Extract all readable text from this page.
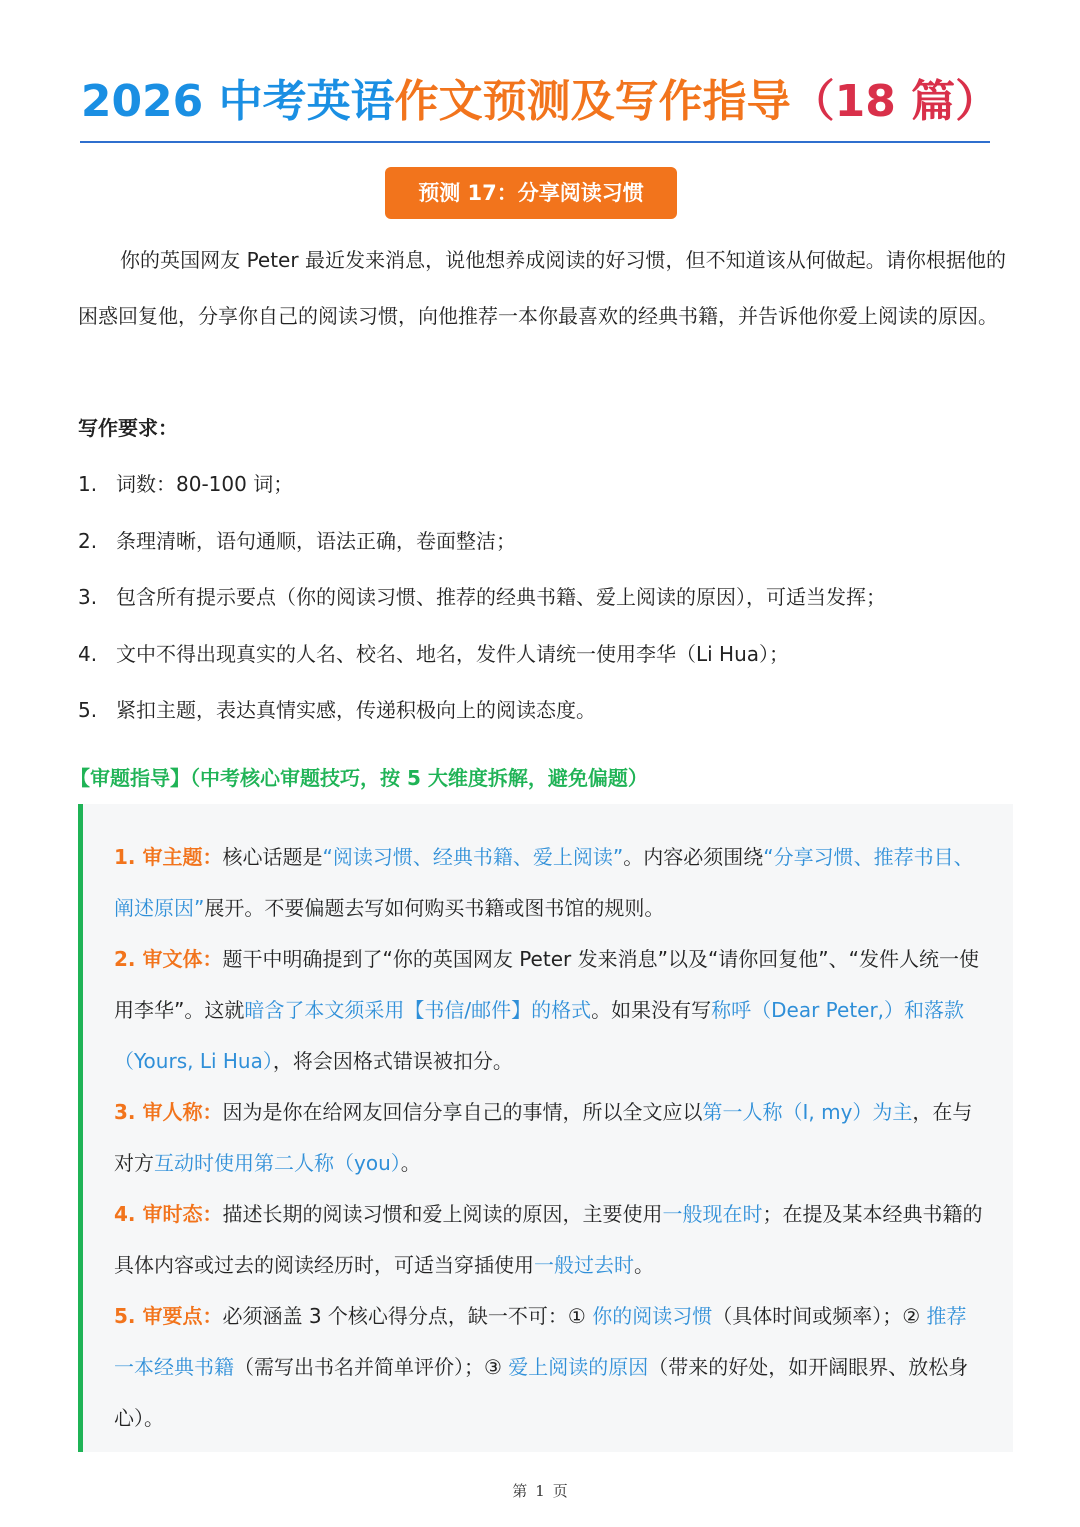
2026 中考英语作文预测及写作指导（18 篇）
预测 17：分享阅读习惯

你的英国网友 Peter 最近发来消息，说他想养成阅读的好习惯，但不知道该从何做起。请你根据他的困惑回复他，分享你自己的阅读习惯，向他推荐一本你最喜欢的经典书籍，并告诉他你爱上阅读的原因。

写作要求：
1. 词数：80-100 词；
2. 条理清晰，语句通顺，语法正确，卷面整洁；
3. 包含所有提示要点（你的阅读习惯、推荐的经典书籍、爱上阅读的原因），可适当发挥；
4. 文中不得出现真实的人名、校名、地名，发件人请统一使用李华（Li Hua）；
5. 紧扣主题，表达真情实感，传递积极向上的阅读态度。
【审题指导】（中考核心审题技巧，按 5 大维度拆解，避免偏题）

1. 审主题：核心话题是“阅读习惯、经典书籍、爱上阅读”。内容必须围绕“分享习惯、推荐书目、阐述原因”展开。不要偏题去写如何购买书籍或图书馆的规则。

2. 审文体：题干中明确提到了“你的英国网友 Peter 发来消息”以及“请你回复他”、“发件人统一使用李华”。这就暗含了本文须采用【书信/邮件】的格式。如果没有写称呼（Dear Peter,）和落款（Yours, Li Hua），将会因格式错误被扣分。

3. 审人称：因为是你在给网友回信分享自己的事情，所以全文应以第一人称（I, my）为主，在与对方互动时使用第二人称（you）。

4. 审时态：描述长期的阅读习惯和爱上阅读的原因，主要使用一般现在时；在提及某本经典书籍的具体内容或过去的阅读经历时，可适当穿插使用一般过去时。

5. 审要点：必须涵盖 3 个核心得分点，缺一不可：① 你的阅读习惯（具体时间或频率）；② 推荐一本经典书籍（需写出书名并简单评价）；③ 爱上阅读的原因（带来的好处，如开阔眼界、放松身心）。

第 1 页
